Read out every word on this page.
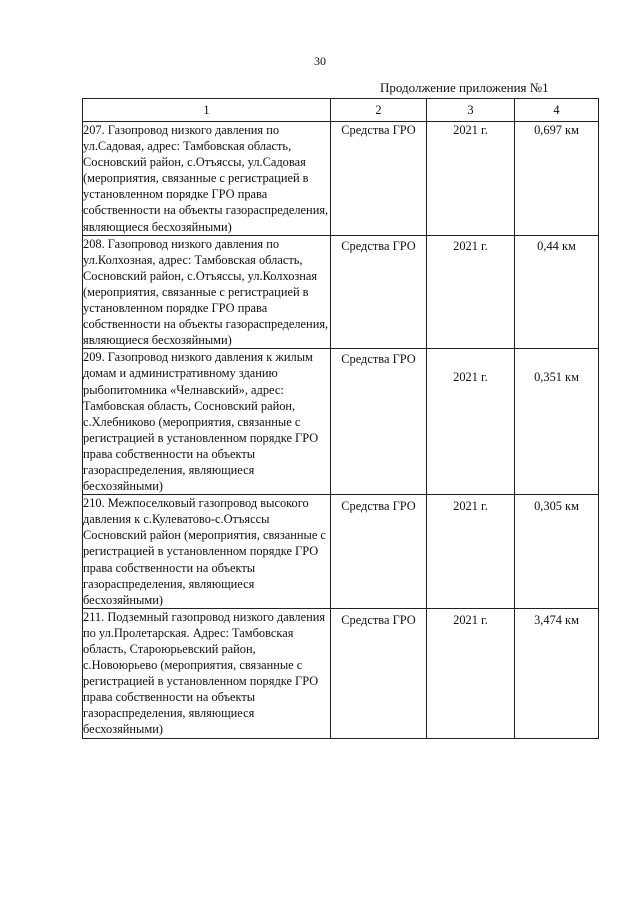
30
Продолжение приложения №1
1	2	3	4
207. Газопровод низкого давления по ул.Садовая, адрес: Тамбовская область, Сосновский район, с.Отъяссы, ул.Садовая (мероприятия, связанные с регистрацией в установленном порядке ГРО права собственности на объекты газораспределения, являющиеся бесхозяйными)	Средства ГРО	2021 г.	0,697 км
208. Газопровод низкого давления по ул.Колхозная, адрес: Тамбовская область, Сосновский район, с.Отъяссы, ул.Колхозная (мероприятия, связанные с регистрацией в установленном порядке ГРО права собственности на объекты газораспределения, являющиеся бесхозяйными)	Средства ГРО	2021 г.	0,44 км
209. Газопровод низкого давления к жилым домам и административному зданию рыбопитомника «Челнавский», адрес: Тамбовская область, Сосновский район, с.Хлебниково (мероприятия, связанные с регистрацией в установленном порядке ГРО права собственности на объекты газораспределения, являющиеся бесхозяйными)	Средства ГРО	2021 г.	0,351 км
210. Межпоселковый газопровод высокого давления к с.Кулеватово-с.Отъяссы Сосновский район (мероприятия, связанные с регистрацией в установленном порядке ГРО права собственности на объекты газораспределения, являющиеся бесхозяйными)	Средства ГРО	2021 г.	0,305 км
211. Подземный газопровод низкого давления по ул.Пролетарская. Адрес: Тамбовская область, Староюрьевский район, с.Новоюрьево (мероприятия, связанные с регистрацией в установленном порядке ГРО права собственности на объекты газораспределения, являющиеся бесхозяйными)	Средства ГРО	2021 г.	3,474 км
